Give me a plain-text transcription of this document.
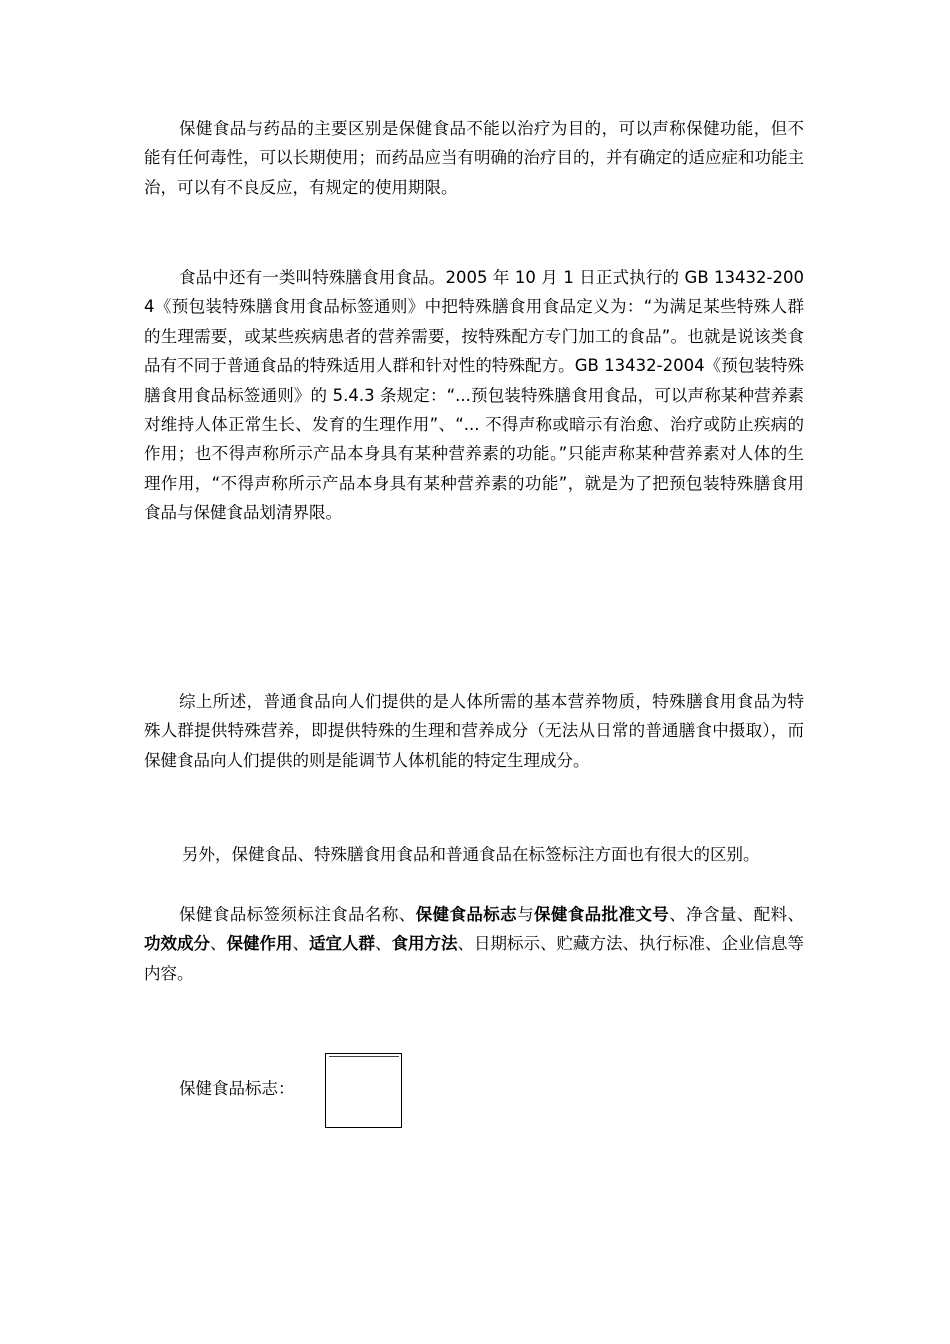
保健食品与药品的主要区别是保健食品不能以治疗为目的，可以声称保健功能，但不能有任何毒性，可以长期使用；而药品应当有明确的治疗目的，并有确定的适应症和功能主治，可以有不良反应，有规定的使用期限。

食品中还有一类叫特殊膳食用食品。2005 年 10 月 1 日正式执行的 GB 13432-2004《预包装特殊膳食用食品标签通则》中把特殊膳食用食品定义为：“为满足某些特殊人群的生理需要，或某些疾病患者的营养需要，按特殊配方专门加工的食品”。也就是说该类食品有不同于普通食品的特殊适用人群和针对性的特殊配方。GB 13432-2004《预包装特殊膳食用食品标签通则》的 5.4.3 条规定：“...预包装特殊膳食用食品，可以声称某种营养素对维持人体正常生长、发育的生理作用”、“... 不得声称或暗示有治愈、治疗或防止疾病的作用；也不得声称所示产品本身具有某种营养素的功能。”只能声称某种营养素对人体的生理作用，“不得声称所示产品本身具有某种营养素的功能”，就是为了把预包装特殊膳食用食品与保健食品划清界限。

综上所述，普通食品向人们提供的是人体所需的基本营养物质，特殊膳食用食品为特殊人群提供特殊营养，即提供特殊的生理和营养成分（无法从日常的普通膳食中摄取），而保健食品向人们提供的则是能调节人体机能的特定生理成分。

另外，保健食品、特殊膳食用食品和普通食品在标签标注方面也有很大的区别。

保健食品标签须标注食品名称、保健食品标志与保健食品批准文号、净含量、配料、功效成分、保健作用、适宜人群、食用方法、日期标示、贮藏方法、执行标准、企业信息等内容。

保健食品标志：
